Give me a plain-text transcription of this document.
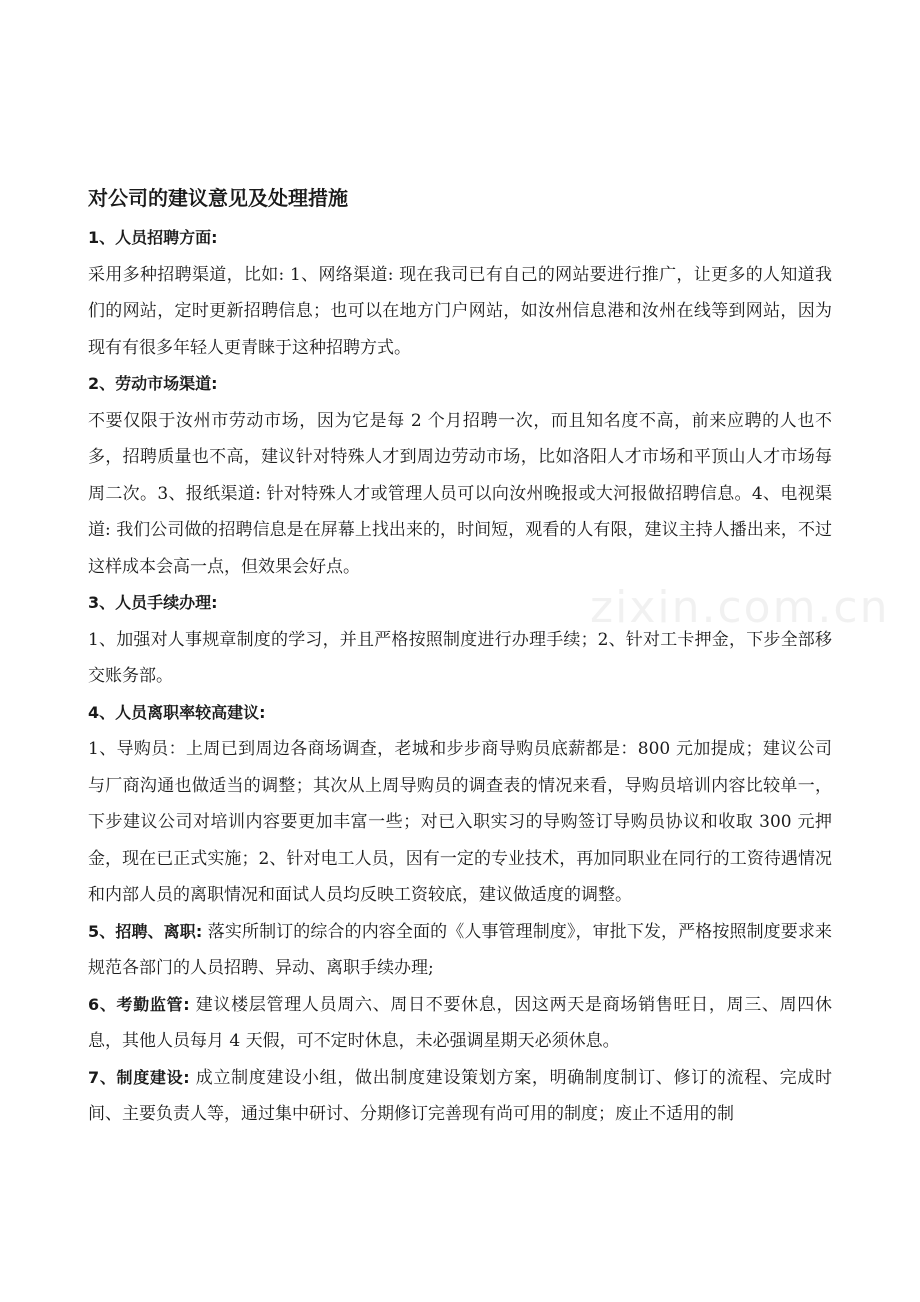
对公司的建议意见及处理措施
1、人员招聘方面:

采用多种招聘渠道，比如: 1、网络渠道: 现在我司已有自己的网站要进行推广，让更多的人知道我们的网站，定时更新招聘信息；也可以在地方门户网站，如汝州信息港和汝州在线等到网站，因为现有有很多年轻人更青睐于这种招聘方式。

2、劳动市场渠道:

不要仅限于汝州市劳动市场，因为它是每 2 个月招聘一次，而且知名度不高，前来应聘的人也不多，招聘质量也不高，建议针对特殊人才到周边劳动市场，比如洛阳人才市场和平顶山人才市场每周二次。3、报纸渠道: 针对特殊人才或管理人员可以向汝州晚报或大河报做招聘信息。4、电视渠道: 我们公司做的招聘信息是在屏幕上找出来的，时间短，观看的人有限，建议主持人播出来，不过这样成本会高一点，但效果会好点。

3、人员手续办理:

1、加强对人事规章制度的学习，并且严格按照制度进行办理手续；2、针对工卡押金，下步全部移交账务部。

4、人员离职率较高建议:

1、导购员：上周已到周边各商场调查，老城和步步商导购员底薪都是：800 元加提成；建议公司与厂商沟通也做适当的调整；其次从上周导购员的调查表的情况来看，导购员培训内容比较单一，下步建议公司对培训内容要更加丰富一些；对已入职实习的导购签订导购员协议和收取 300 元押金，现在已正式实施；2、针对电工人员，因有一定的专业技术，再加同职业在同行的工资待遇情况和内部人员的离职情况和面试人员均反映工资较底，建议做适度的调整。

5、招聘、离职: 落实所制订的综合的内容全面的《人事管理制度》，审批下发，严格按照制度要求来规范各部门的人员招聘、异动、离职手续办理;

6、考勤监管: 建议楼层管理人员周六、周日不要休息，因这两天是商场销售旺日，周三、周四休息，其他人员每月 4 天假，可不定时休息，未必强调星期天必须休息。

7、制度建设: 成立制度建设小组，做出制度建设策划方案，明确制度制订、修订的流程、完成时间、主要负责人等，通过集中研讨、分期修订完善现有尚可用的制度；废止不适用的制

zixin.com.cn
